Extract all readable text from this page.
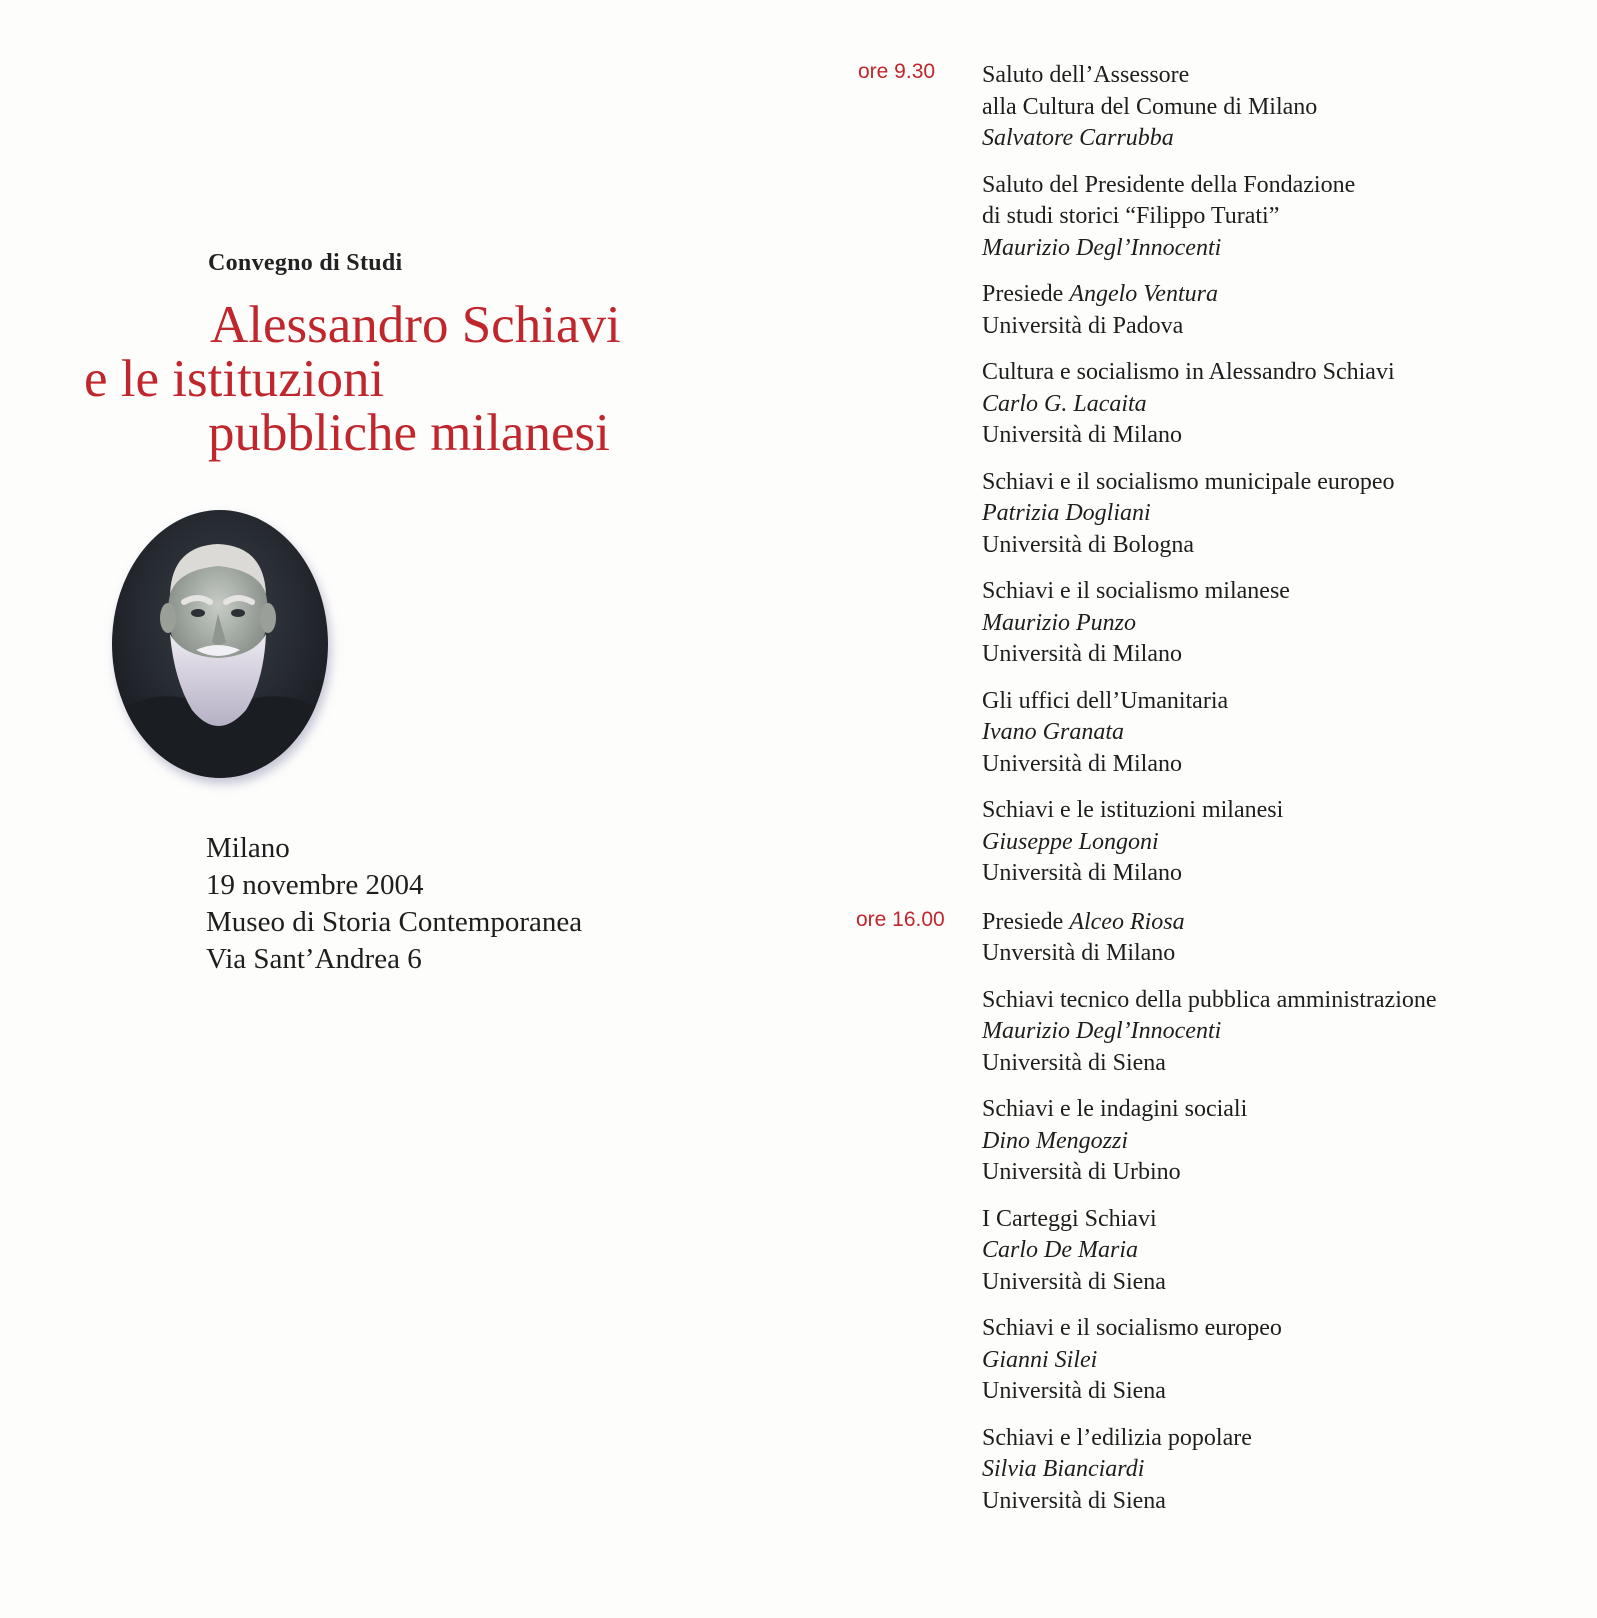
Convegno di Studi
Alessandro Schiavi
e le istituzioni
pubbliche milanesi
Milano
19 novembre 2004
Museo di Storia Contemporanea
Via Sant’Andrea 6
ore 9.30 Saluto dell’Assessore
alla Cultura del Comune di Milano
Salvatore Carrubba
Saluto del Presidente della Fondazione
di studi storici “Filippo Turati”
Maurizio Degl’Innocenti
Presiede Angelo Ventura
Università di Padova
Cultura e socialismo in Alessandro Schiavi
Carlo G. Lacaita
Università di Milano
Schiavi e il socialismo municipale europeo
Patrizia Dogliani
Università di Bologna
Schiavi e il socialismo milanese
Maurizio Punzo
Università di Milano
Gli uffici dell’Umanitaria
Ivano Granata
Università di Milano
Schiavi e le istituzioni milanesi
Giuseppe Longoni
Università di Milano
ore 16.00 Presiede Alceo Riosa
Unversità di Milano
Schiavi tecnico della pubblica amministrazione
Maurizio Degl’Innocenti
Università di Siena
Schiavi e le indagini sociali
Dino Mengozzi
Università di Urbino
I Carteggi Schiavi
Carlo De Maria
Università di Siena
Schiavi e il socialismo europeo
Gianni Silei
Università di Siena
Schiavi e l’edilizia popolare
Silvia Bianciardi
Università di Siena
